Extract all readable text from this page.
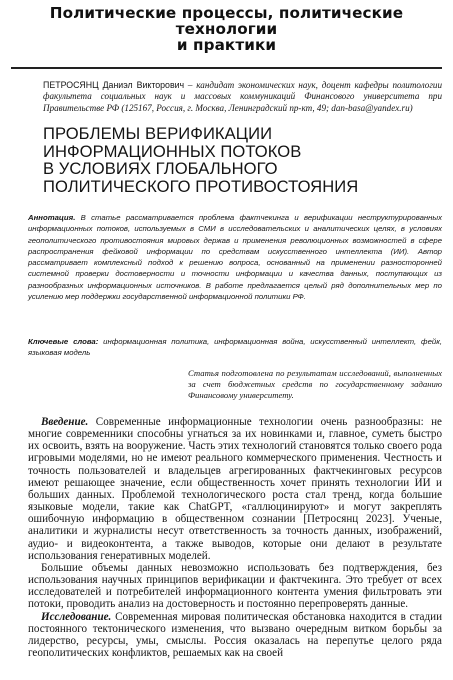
Политические процессы, политические технологии
и практики
ПЕТРОСЯНЦ Даниэл Викторович – кандидат экономических наук, доцент кафедры политологии факультета социальных наук и массовых коммуникаций Финансового университета при Правительстве РФ (125167, Россия, г. Москва, Ленинградский пр-кт, 49; dan-basa@yandex.ru)
ПРОБЛЕМЫ ВЕРИФИКАЦИИ
ИНФОРМАЦИОННЫХ ПОТОКОВ
В УСЛОВИЯХ ГЛОБАЛЬНОГО
ПОЛИТИЧЕСКОГО ПРОТИВОСТОЯНИЯ
Аннотация. В статье рассматривается проблема фактчекинга и верификации неструктурированных информационных потоков, используемых в СМИ в исследовательских и аналитических целях, в условиях геополитического противостояния мировых держав и применения революционных возможностей в сфере распространения фейковой информации по средствам искусственного интеллекта (ИИ). Автор рассматривает комплексный подход к решению вопроса, основанный на применении разносторонней системной проверки достоверности и точности информации и качества данных, поступающих из разнообразных информационных источников. В работе предлагается целый ряд дополнительных мер по усилению мер поддержки государственной информационной политики РФ.
Ключевые слова: информационная политика, информационная война, искусственный интеллект, фейк, языковая модель
Статья подготовлена по результатам исследований, выполненных за счет бюджетных средств по государственному заданию Финансовому университету.

Введение. Современные информационные технологии очень разнообразны: не многие современники способны угнаться за их новинками и, главное, суметь быстро их освоить, взять на вооружение. Часть этих технологий становятся только своего рода игровыми моделями, но не имеют реального коммерческого применения. Честность и точность пользователей и владельцев агрегированных фактчекинговых ресурсов имеют решающее значение, если общественность хочет принять технологии ИИ и больших данных. Проблемой технологического роста стал тренд, когда большие языковые модели, такие как ChatGPT, «галлюцинируют» и могут закреплять ошибочную информацию в общественном сознании [Петросянц 2023]. Ученые, аналитики и журналисты несут ответственность за точность данных, изображений, аудио- и видеоконтента, а также выводов, которые они делают в результате использования генеративных моделей.

Большие объемы данных невозможно использовать без подтверждения, без использования научных принципов верификации и фактчекинга. Это требует от всех исследователей и потребителей информационного контента умения фильтровать эти потоки, проводить анализ на достоверность и постоянно перепроверять данные.

Исследование. Современная мировая политическая обстановка находится в стадии постоянного тектонического изменения, что вызвано очередным витком борьбы за лидерство, ресурсы, умы, смыслы. Россия оказалась на перепутье целого ряда геополитических конфликтов, решаемых как на своей
